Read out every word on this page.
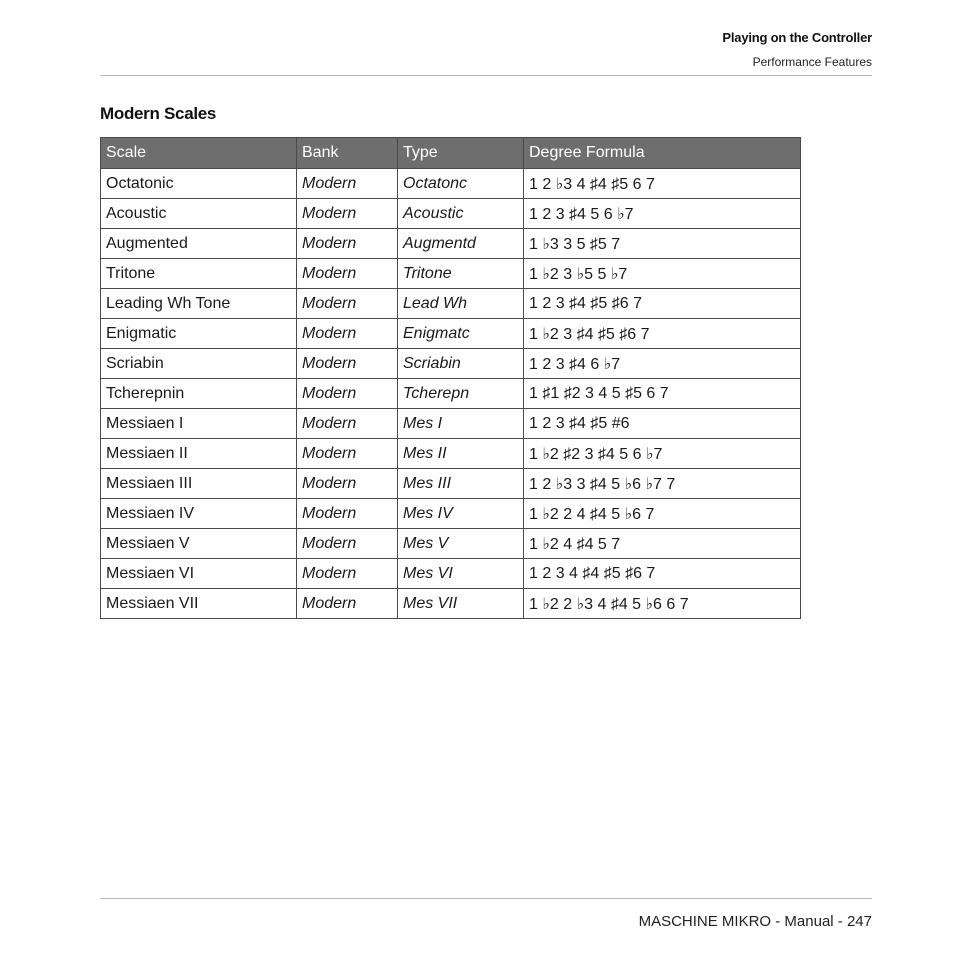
Playing on the Controller
Performance Features
Modern Scales
Scale	Bank	Type	Degree Formula
Octatonic	Modern	Octatonc	1 2 ♭3 4 ♯4 ♯5 6 7
Acoustic	Modern	Acoustic	1 2 3 ♯4 5 6 ♭7
Augmented	Modern	Augmentd	1 ♭3 3 5 ♯5 7
Tritone	Modern	Tritone	1 ♭2 3 ♭5 5 ♭7
Leading Wh Tone	Modern	Lead Wh	1 2 3 ♯4 ♯5 ♯6 7
Enigmatic	Modern	Enigmatc	1 ♭2 3 ♯4 ♯5 ♯6 7
Scriabin	Modern	Scriabin	1 2 3 ♯4 6 ♭7
Tcherepnin	Modern	Tcherepn	1 ♯1 ♯2 3 4 5 ♯5 6 7
Messiaen I	Modern	Mes I	1 2 3 ♯4 ♯5 #6
Messiaen II	Modern	Mes II	1 ♭2 ♯2 3 ♯4 5 6 ♭7
Messiaen III	Modern	Mes III	1 2 ♭3 3 ♯4 5 ♭6 ♭7 7
Messiaen IV	Modern	Mes IV	1 ♭2 2 4 ♯4 5 ♭6 7
Messiaen V	Modern	Mes V	1 ♭2 4 ♯4 5 7
Messiaen VI	Modern	Mes VI	1 2 3 4 ♯4 ♯5 ♯6 7
Messiaen VII	Modern	Mes VII	1 ♭2 2 ♭3 4 ♯4 5 ♭6 6 7
MASCHINE MIKRO - Manual - 247
